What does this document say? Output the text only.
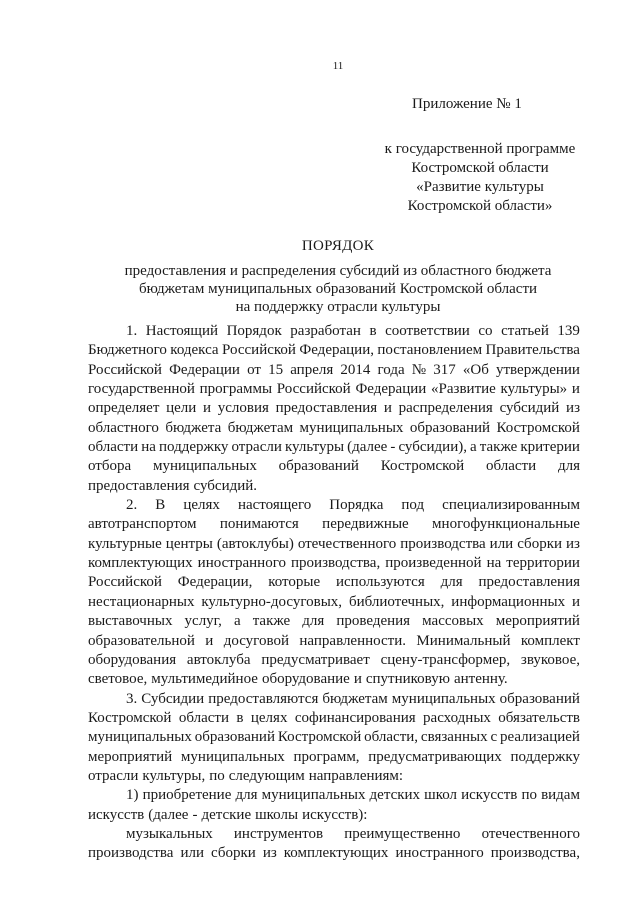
11
Приложение № 1
к государственной программе
Костромской области
«Развитие культуры
Костромской области»
ПОРЯДОК
предоставления и распределения субсидий из областного бюджета
бюджетам муниципальных образований Костромской области
на поддержку отрасли культуры
1. Настоящий Порядок разработан в соответствии со статьей 139
Бюджетного кодекса Российской Федерации, постановлением Правительства
Российской Федерации от 15 апреля 2014 года № 317 «Об утверждении
государственной программы Российской Федерации «Развитие культуры» и
определяет цели и условия предоставления и распределения субсидий из
областного бюджета бюджетам муниципальных образований Костромской
области на поддержку отрасли культуры (далее - субсидии), а также критерии
отбора муниципальных образований Костромской области для
предоставления субсидий.
2. В целях настоящего Порядка под специализированным
автотранспортом понимаются передвижные многофункциональные
культурные центры (автоклубы) отечественного производства или сборки из
комплектующих иностранного производства, произведенной на территории
Российской Федерации, которые используются для предоставления
нестационарных культурно-досуговых, библиотечных, информационных и
выставочных услуг, а также для проведения массовых мероприятий
образовательной и досуговой направленности. Минимальный комплект
оборудования автоклуба предусматривает сцену-трансформер, звуковое,
световое, мультимедийное оборудование и спутниковую антенну.
3. Субсидии предоставляются бюджетам муниципальных образований
Костромской области в целях софинансирования расходных обязательств
муниципальных образований Костромской области, связанных с реализацией
мероприятий муниципальных программ, предусматривающих поддержку
отрасли культуры, по следующим направлениям:
1) приобретение для муниципальных детских школ искусств по видам
искусств (далее - детские школы искусств):
музыкальных инструментов преимущественно отечественного
производства или сборки из комплектующих иностранного производства,
